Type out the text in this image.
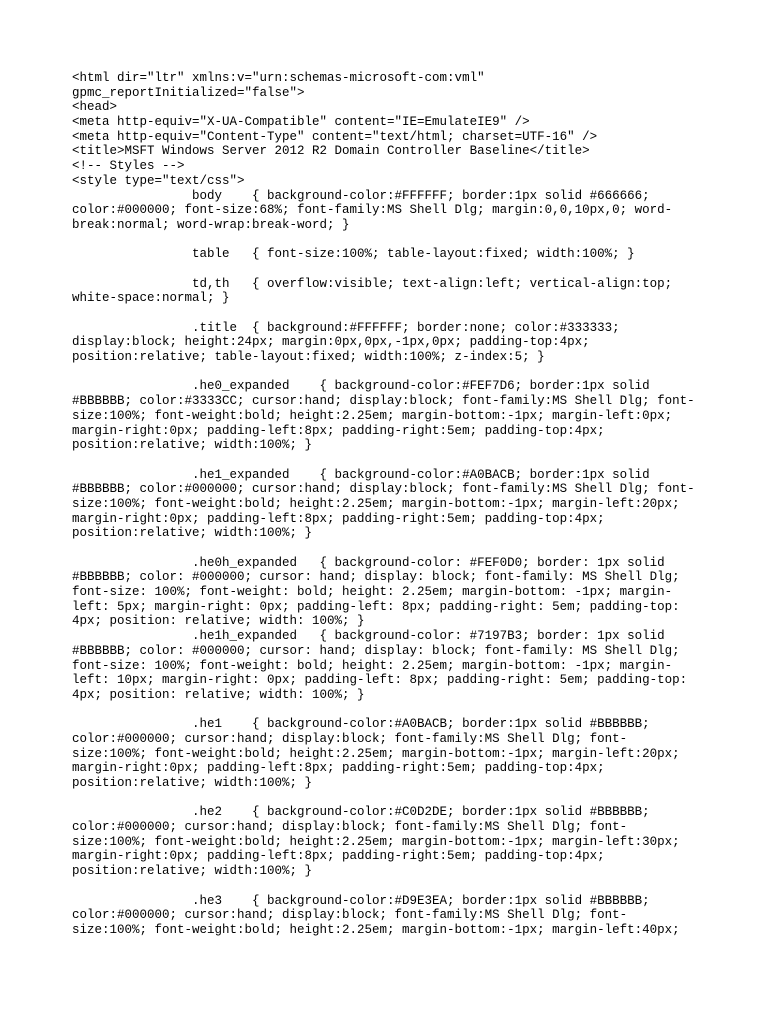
<html dir="ltr" xmlns:v="urn:schemas-microsoft-com:vml"
gpmc_reportInitialized="false">
<head>
<meta http-equiv="X-UA-Compatible" content="IE=EmulateIE9" />
<meta http-equiv="Content-Type" content="text/html; charset=UTF-16" />
<title>MSFT Windows Server 2012 R2 Domain Controller Baseline</title>
<!-- Styles -->
<style type="text/css">
body    { background-color:#FFFFFF; border:1px solid #666666;
color:#000000; font-size:68%; font-family:MS Shell Dlg; margin:0,0,10px,0; word-
break:normal; word-wrap:break-word; }
table   { font-size:100%; table-layout:fixed; width:100%; }
td,th   { overflow:visible; text-align:left; vertical-align:top;
white-space:normal; }
.title  { background:#FFFFFF; border:none; color:#333333;
display:block; height:24px; margin:0px,0px,-1px,0px; padding-top:4px;
position:relative; table-layout:fixed; width:100%; z-index:5; }
.he0_expanded    { background-color:#FEF7D6; border:1px solid
#BBBBBB; color:#3333CC; cursor:hand; display:block; font-family:MS Shell Dlg; font-
size:100%; font-weight:bold; height:2.25em; margin-bottom:-1px; margin-left:0px;
margin-right:0px; padding-left:8px; padding-right:5em; padding-top:4px;
position:relative; width:100%; }
.he1_expanded    { background-color:#A0BACB; border:1px solid
#BBBBBB; color:#000000; cursor:hand; display:block; font-family:MS Shell Dlg; font-
size:100%; font-weight:bold; height:2.25em; margin-bottom:-1px; margin-left:20px;
margin-right:0px; padding-left:8px; padding-right:5em; padding-top:4px;
position:relative; width:100%; }
.he0h_expanded   { background-color: #FEF0D0; border: 1px solid
#BBBBBB; color: #000000; cursor: hand; display: block; font-family: MS Shell Dlg;
font-size: 100%; font-weight: bold; height: 2.25em; margin-bottom: -1px; margin-
left: 5px; margin-right: 0px; padding-left: 8px; padding-right: 5em; padding-top:
4px; position: relative; width: 100%; }
.he1h_expanded   { background-color: #7197B3; border: 1px solid
#BBBBBB; color: #000000; cursor: hand; display: block; font-family: MS Shell Dlg;
font-size: 100%; font-weight: bold; height: 2.25em; margin-bottom: -1px; margin-
left: 10px; margin-right: 0px; padding-left: 8px; padding-right: 5em; padding-top:
4px; position: relative; width: 100%; }
.he1    { background-color:#A0BACB; border:1px solid #BBBBBB;
color:#000000; cursor:hand; display:block; font-family:MS Shell Dlg; font-
size:100%; font-weight:bold; height:2.25em; margin-bottom:-1px; margin-left:20px;
margin-right:0px; padding-left:8px; padding-right:5em; padding-top:4px;
position:relative; width:100%; }
.he2    { background-color:#C0D2DE; border:1px solid #BBBBBB;
color:#000000; cursor:hand; display:block; font-family:MS Shell Dlg; font-
size:100%; font-weight:bold; height:2.25em; margin-bottom:-1px; margin-left:30px;
margin-right:0px; padding-left:8px; padding-right:5em; padding-top:4px;
position:relative; width:100%; }
.he3    { background-color:#D9E3EA; border:1px solid #BBBBBB;
color:#000000; cursor:hand; display:block; font-family:MS Shell Dlg; font-
size:100%; font-weight:bold; height:2.25em; margin-bottom:-1px; margin-left:40px;
